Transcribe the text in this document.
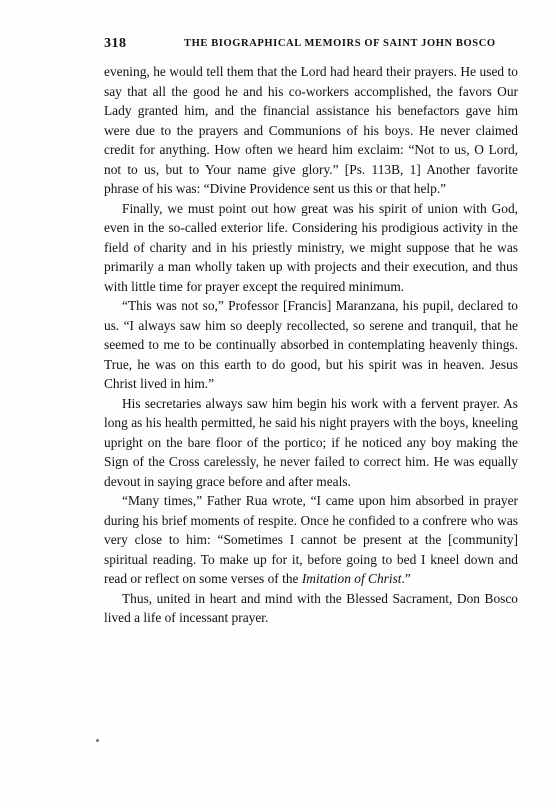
318	THE BIOGRAPHICAL MEMOIRS OF SAINT JOHN BOSCO

evening, he would tell them that the Lord had heard their prayers. He used to say that all the good he and his co-workers accomplished, the favors Our Lady granted him, and the financial assistance his benefactors gave him were due to the prayers and Communions of his boys. He never claimed credit for anything. How often we heard him exclaim: “Not to us, O Lord, not to us, but to Your name give glory.” [Ps. 113B, 1] Another favorite phrase of his was: “Divine Providence sent us this or that help.”

Finally, we must point out how great was his spirit of union with God, even in the so-called exterior life. Considering his prodigious activity in the field of charity and in his priestly ministry, we might suppose that he was primarily a man wholly taken up with projects and their execution, and thus with little time for prayer except the required minimum.

“This was not so,” Professor [Francis] Maranzana, his pupil, declared to us. “I always saw him so deeply recollected, so serene and tranquil, that he seemed to me to be continually absorbed in contemplating heavenly things. True, he was on this earth to do good, but his spirit was in heaven. Jesus Christ lived in him.”

His secretaries always saw him begin his work with a fervent prayer. As long as his health permitted, he said his night prayers with the boys, kneeling upright on the bare floor of the portico; if he noticed any boy making the Sign of the Cross carelessly, he never failed to correct him. He was equally devout in saying grace before and after meals.

“Many times,” Father Rua wrote, “I came upon him absorbed in prayer during his brief moments of respite. Once he confided to a confrere who was very close to him: “Sometimes I cannot be present at the [community] spiritual reading. To make up for it, before going to bed I kneel down and read or reflect on some verses of the Imitation of Christ.”

Thus, united in heart and mind with the Blessed Sacrament, Don Bosco lived a life of incessant prayer.
